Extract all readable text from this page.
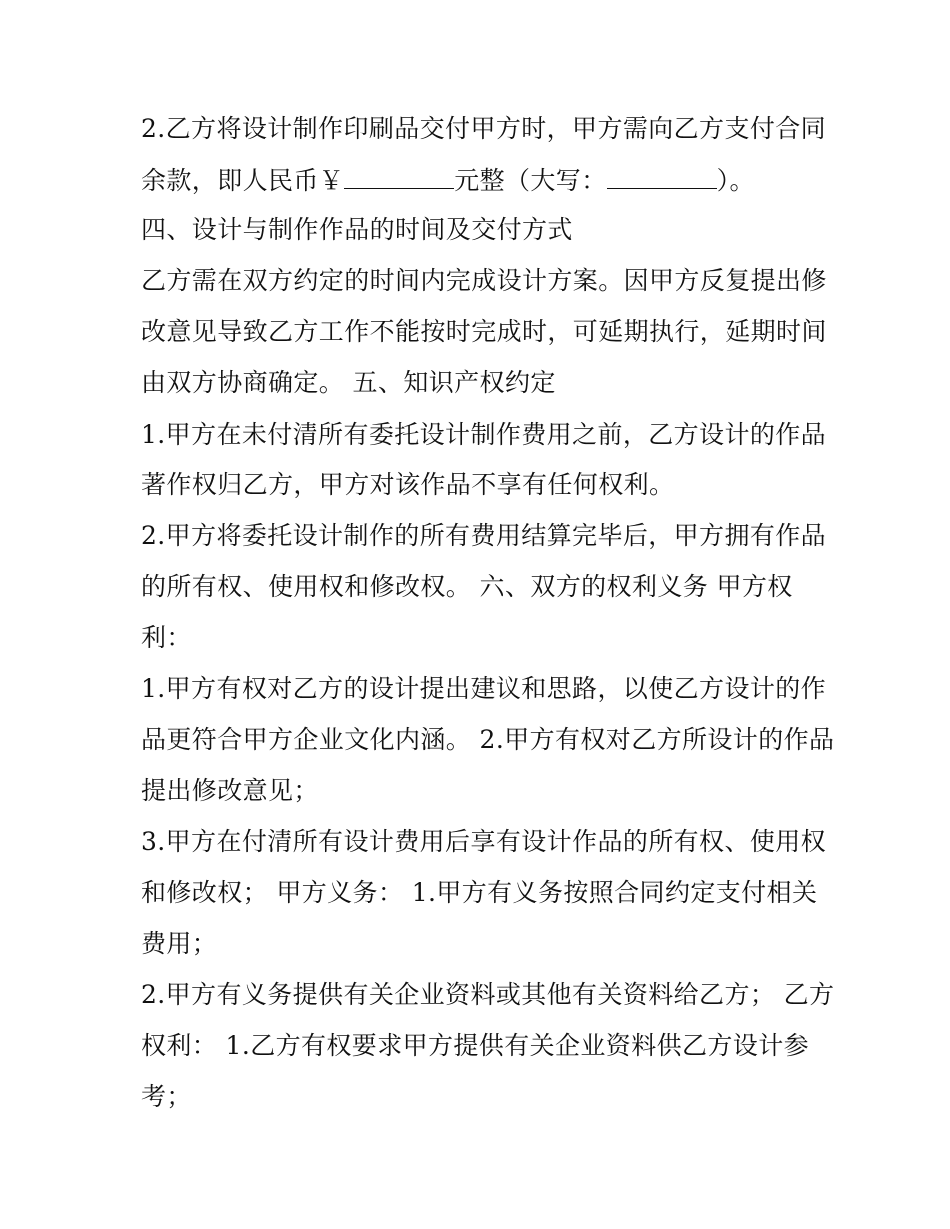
2.乙方将设计制作印刷品交付甲方时，甲方需向乙方支付合同
余款，即人民币￥	元整（大写：	）。
四、设计与制作作品的时间及交付方式
乙方需在双方约定的时间内完成设计方案。因甲方反复提出修
改意见导致乙方工作不能按时完成时，可延期执行，延期时间
由双方协商确定。 五、知识产权约定
1.甲方在未付清所有委托设计制作费用之前，乙方设计的作品
著作权归乙方，甲方对该作品不享有任何权利。
2.甲方将委托设计制作的所有费用结算完毕后，甲方拥有作品
的所有权、使用权和修改权。 六、双方的权利义务 甲方权
利：
1.甲方有权对乙方的设计提出建议和思路，以使乙方设计的作
品更符合甲方企业文化内涵。 2.甲方有权对乙方所设计的作品
提出修改意见；
3.甲方在付清所有设计费用后享有设计作品的所有权、使用权
和修改权； 甲方义务： 1.甲方有义务按照合同约定支付相关
费用；
2.甲方有义务提供有关企业资料或其他有关资料给乙方； 乙方
权利： 1.乙方有权要求甲方提供有关企业资料供乙方设计参
考；
